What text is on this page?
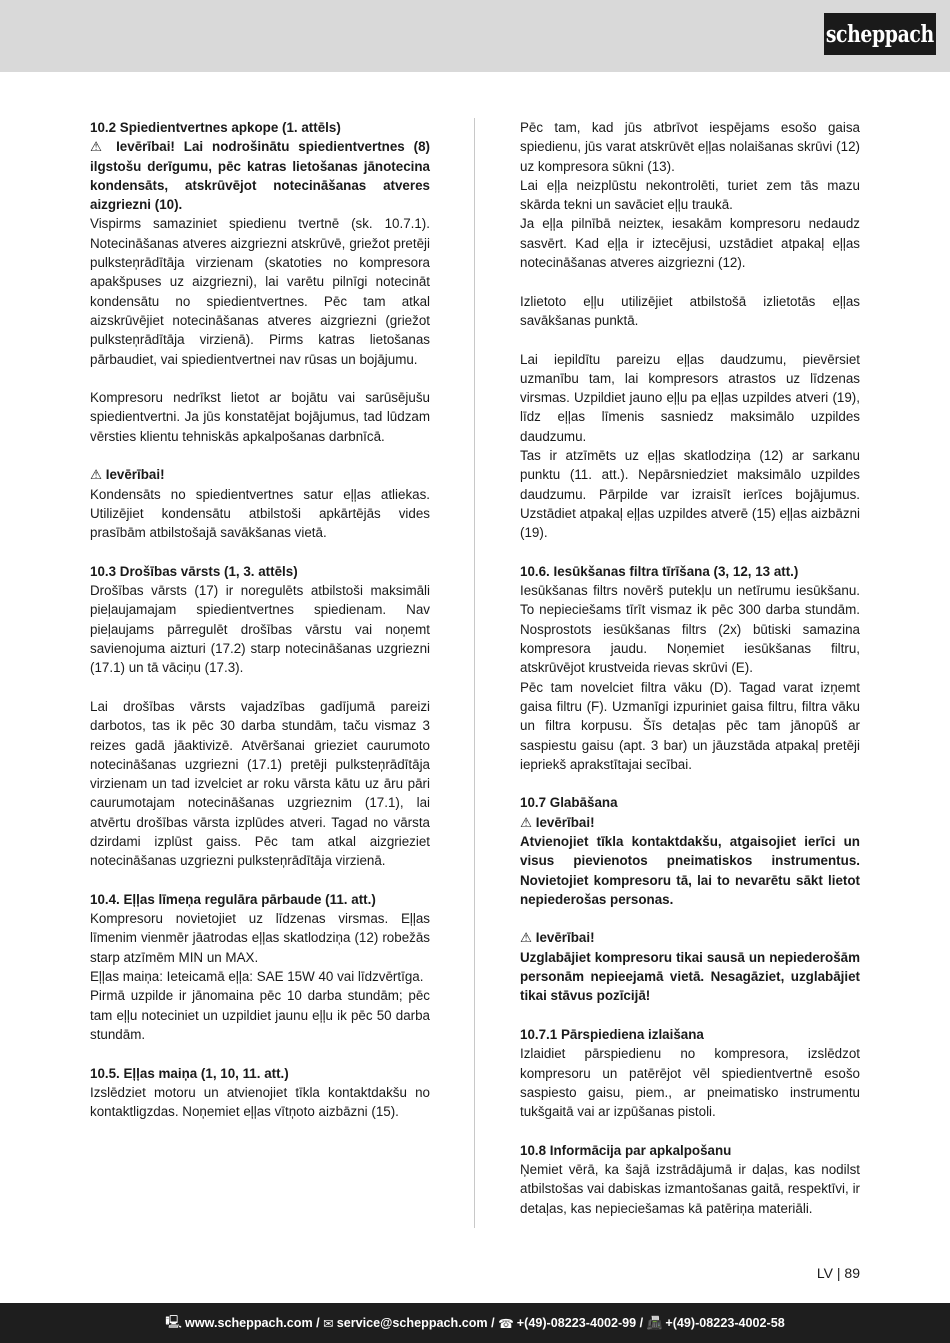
scheppach

10.2 Spiedientvertnes apkope (1. attēls)

⚠ Ievērībai! Lai nodrošinātu spiedientvertnes (8) ilgstošu derīgumu, pēc katras lietošanas jānotecina kondensāts, atskrūvējot notecināšanas atveres aizgriezni (10).

Vispirms samaziniet spiedienu tvertnē (sk. 10.7.1). Notecināšanas atveres aizgriezni atskrūvē, griežot pretēji pulksteņrādītāja virzienam (skatoties no kompresora apakšpuses uz aizgriezni), lai varētu pilnīgi notecināt kondensātu no spiedientvertnes. Pēc tam atkal aizskrūvējiet notecināšanas atveres aizgriezni (griežot pulksteņrādītāja virzienā). Pirms katras lietošanas pārbaudiet, vai spiedientvertnei nav rūsas un bojājumu.

Kompresoru nedrīkst lietot ar bojātu vai sarūsējušu spiedientvertni. Ja jūs konstatējat bojājumus, tad lūdzam vērsties klientu tehniskās apkalpošanas darbnīcā.

⚠ Ievērībai!

Kondensāts no spiedientvertnes satur eļļas atliekas. Utilizējiet kondensātu atbilstoši apkārtējās vides prasībām atbilstošajā savākšanas vietā.

10.3 Drošības vārsts (1, 3. attēls)

Drošības vārsts (17) ir noregulēts atbilstoši maksimāli pieļaujamajam spiedientvertnes spiedienam. Nav pieļaujams pārregulēt drošības vārstu vai noņemt savienojuma aizturi (17.2) starp notecināšanas uzgriezni (17.1) un tā vāciņu (17.3).

Lai drošības vārsts vajadzības gadījumā pareizi darbotos, tas ik pēc 30 darba stundām, taču vismaz 3 reizes gadā jāaktivizē. Atvēršanai grieziet caurumoto notecināšanas uzgriezni (17.1) pretēji pulksteņrādītāja virzienam un tad izvelciet ar roku vārsta kātu uz āru pāri caurumotajam notecināšanas uzgrieznim (17.1), lai atvērtu drošības vārsta izplūdes atveri. Tagad no vārsta dzirdami izplūst gaiss. Pēc tam atkal aizgrieziet notecināšanas uzgriezni pulksteņrādītāja virzienā.

10.4. Eļļas līmeņa regulāra pārbaude (11. att.)

Kompresoru novietojiet uz līdzenas virsmas. Eļļas līmenim vienmēr jāatrodas eļļas skatlodziņa (12) robežās starp atzīmēm MIN un MAX.

Eļļas maiņa: Ieteicamā eļļa: SAE 15W 40 vai līdzvērtīga.

Pirmā uzpilde ir jānomaina pēc 10 darba stundām; pēc tam eļļu noteciniet un uzpildiet jaunu eļļu ik pēc 50 darba stundām.

10.5. Eļļas maiņa (1, 10, 11. att.)

Izslēdziet motoru un atvienojiet tīkla kontaktdakšu no kontaktligzdas. Noņemiet eļļas vītņoto aizbāzni (15).

Pēc tam, kad jūs atbrīvot iespējams esošo gaisa spiedienu, jūs varat atskrūvēt eļļas nolaišanas skrūvi (12) uz kompresora sūkni (13).

Lai eļļa neizplūstu nekontrolēti, turiet zem tās mazu skārda tekni un savāciet eļļu traukā.

Ja eļļa pilnībā neizteк, iesakām kompresoru nedaudz sasvērt. Kad eļļa ir iztecējusi, uzstādiet atpakaļ eļļas notecināšanas atveres aizgriezni (12).

Izlietoto eļļu utilizējiet atbilstošā izlietotās eļļas savākšanas punktā.

Lai iepildītu pareizu eļļas daudzumu, pievērsiet uzmanību tam, lai kompresors atrastos uz līdzenas virsmas. Uzpildiet jauno eļļu pa eļļas uzpildes atveri (19), līdz eļļas līmenis sasniedz maksimālo uzpildes daudzumu.

Tas ir atzīmēts uz eļļas skatlodziņa (12) ar sarkanu punktu (11. att.). Nepārsniedziet maksimālo uzpildes daudzumu. Pārpilde var izraisīt ierīces bojājumus. Uzstādiet atpakaļ eļļas uzpildes atverē (15) eļļas aizbāzni (19).

10.6. Iesūkšanas filtra tīrīšana (3, 12, 13 att.)

Iesūkšanas filtrs novērš putekļu un netīrumu iesūkšanu. To nepieciešams tīrīt vismaz ik pēc 300 darba stundām. Nosprostots iesūkšanas filtrs (2x) būtiski samazina kompresora jaudu. Noņemiet iesūkšanas filtru, atskrūvējot krustveida rievas skrūvi (E).

Pēc tam novelciet filtra vāku (D). Tagad varat izņemt gaisa filtru (F). Uzmanīgi izpuriniet gaisa filtru, filtra vāku un filtra korpusu. Šīs detaļas pēc tam jānopūš ar saspiestu gaisu (apt. 3 bar) un jāuzstāda atpakaļ pretēji iepriekš aprakstītajai secībai.

10.7 Glabāšana

⚠ Ievērībai!

Atvienojiet tīkla kontaktdakšu, atgaisojiet ierīci un visus pievienotos pneimatiskos instrumentus. Novietojiet kompresoru tā, lai to nevarētu sākt lietot nepiederošas personas.

⚠ Ievērībai!

Uzglabājiet kompresoru tikai sausā un nepiederošām personām nepieejamā vietā. Nesagāziet, uzglabājiet tikai stāvus pozīcijā!

10.7.1 Pārspiediena izlaišana

Izlaidiet pārspiedienu no kompresora, izslēdzot kompresoru un patērējot vēl spiedientvertnē esošo saspiesto gaisu, piem., ar pneimatisko instrumentu tukšgaitā vai ar izpūšanas pistoli.

10.8 Informācija par apkalpošanu

Ņemiet vērā, ka šajā izstrādājumā ir daļas, kas nodilst atbilstošas vai dabiskas izmantošanas gaitā, respektīvi, ir detaļas, kas nepieciešamas kā patēriņa materiāli.

LV | 89
🖳 www.scheppach.com /
✉ service@scheppach.com /
☎ +(49)-08223-4002-99 /
📠 +(49)-08223-4002-58
